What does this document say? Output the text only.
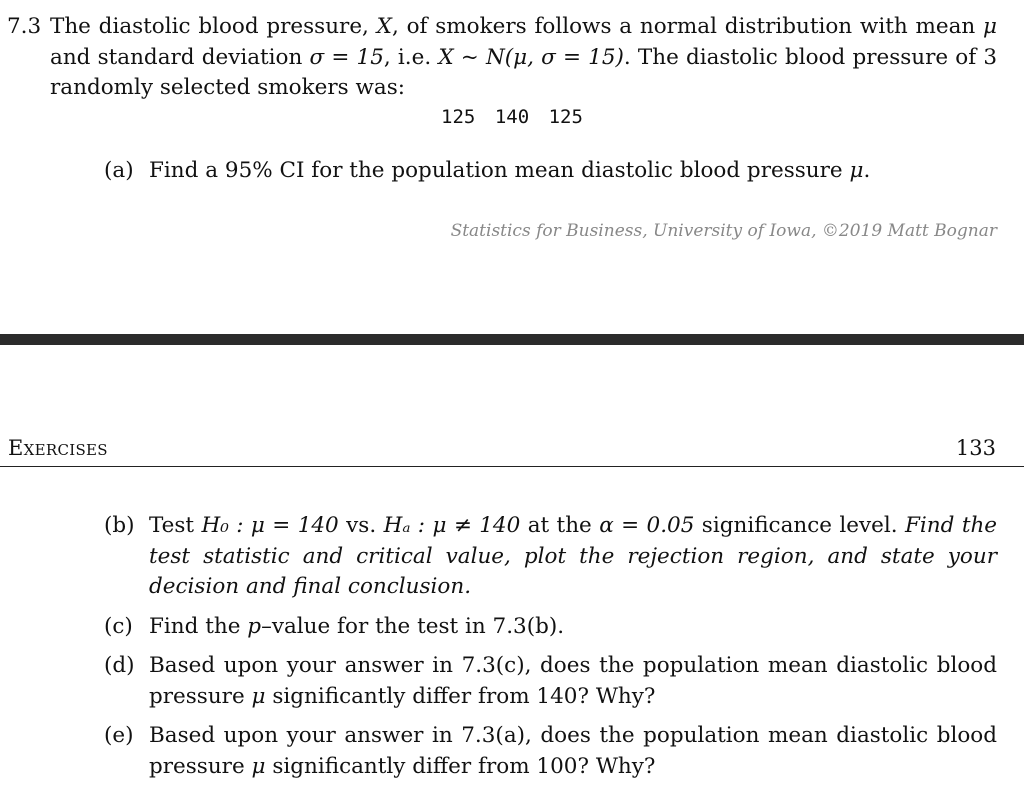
7.3 The diastolic blood pressure, X, of smokers follows a normal distribution with mean μ and standard deviation σ = 15, i.e. X ~ N(μ, σ = 15). The diastolic blood pressure of 3 randomly selected smokers was:
125 140 125
(a) Find a 95% CI for the population mean diastolic blood pressure μ.
Statistics for Business, University of Iowa, ©2019 Matt Bognar
Exercises	133
(b) Test H₀ : μ = 140 vs. Hₐ : μ ≠ 140 at the α = 0.05 significance level. Find the test statistic and critical value, plot the rejection region, and state your decision and final conclusion.
(c) Find the p–value for the test in 7.3(b).
(d) Based upon your answer in 7.3(c), does the population mean diastolic blood pressure μ significantly differ from 140? Why?
(e) Based upon your answer in 7.3(a), does the population mean diastolic blood pressure μ significantly differ from 100? Why?
